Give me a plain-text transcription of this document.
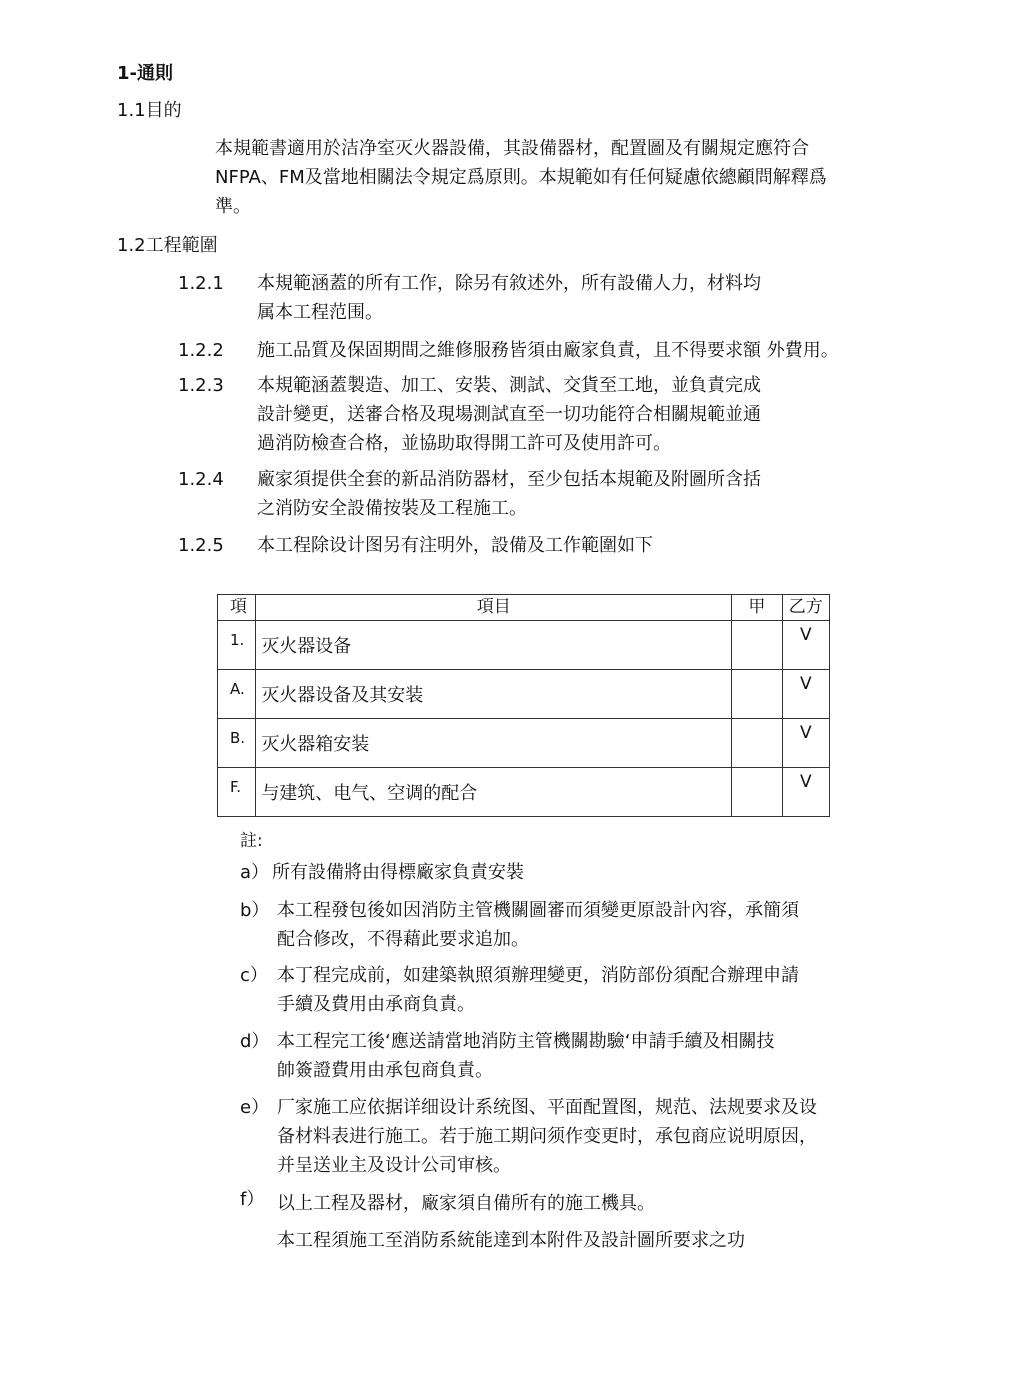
1-通則
1.1目的
本規範書適用於洁净室灭火器設備，其設備器材，配置圖及有關規定應符合
NFPA、FM及當地相關法令規定爲原則。本規範如有任何疑慮依總顧問解釋爲
準。
1.2工程範圍
1.2.1 本規範涵蓋的所有工作，除另有敘述外，所有設備人力，材料均
属本工程范围。
1.2.2 施工品質及保固期間之維修服務皆須由廠家負責，且不得要求額 外費用。
1.2.3 本規範涵蓋製造、加工、安裝、測試、交貨至工地，並負責完成
設計變更，送審合格及現場測試直至一切功能符合相關規範並通
過消防檢查合格，並協助取得開工許可及使用許可。
1.2.4 廠家須提供全套的新品消防器材，至少包括本規範及附圖所含括
之消防安全設備按裝及工程施工。
1.2.5 本工程除设计图另有注明外，設備及工作範圍如下
項	項目	甲	乙方

1.	灭火器设备		V

A.	灭火器设备及其安装		V

B.	灭火器箱安装		V

F.	与建筑、电气、空调的配合		V
註:
a） 所有設備將由得標廠家負責安裝
b） 本工程發包後如因消防主管機關圖審而須變更原設計內容，承簡須
配合修改，不得藉此要求追加。
c） 本丁程完成前，如建築執照須辦理變更，消防部份須配合辦理申請
手續及費用由承商負責。
d） 本工程完工後‘應送請當地消防主管機關勘驗‘申請手續及相關技
帥簽證費用由承包商負責。
e） 厂家施工应依据详细设计系统图、平面配置图，规范、法规要求及设
备材料表进行施工。若于施工期问须作变更时，承包商应说明原因，
并呈送业主及设计公司审核。
f） 以上工程及器材，廠家須自備所有的施工機具。
本工程須施工至消防系統能達到本附件及設計圖所要求之功
